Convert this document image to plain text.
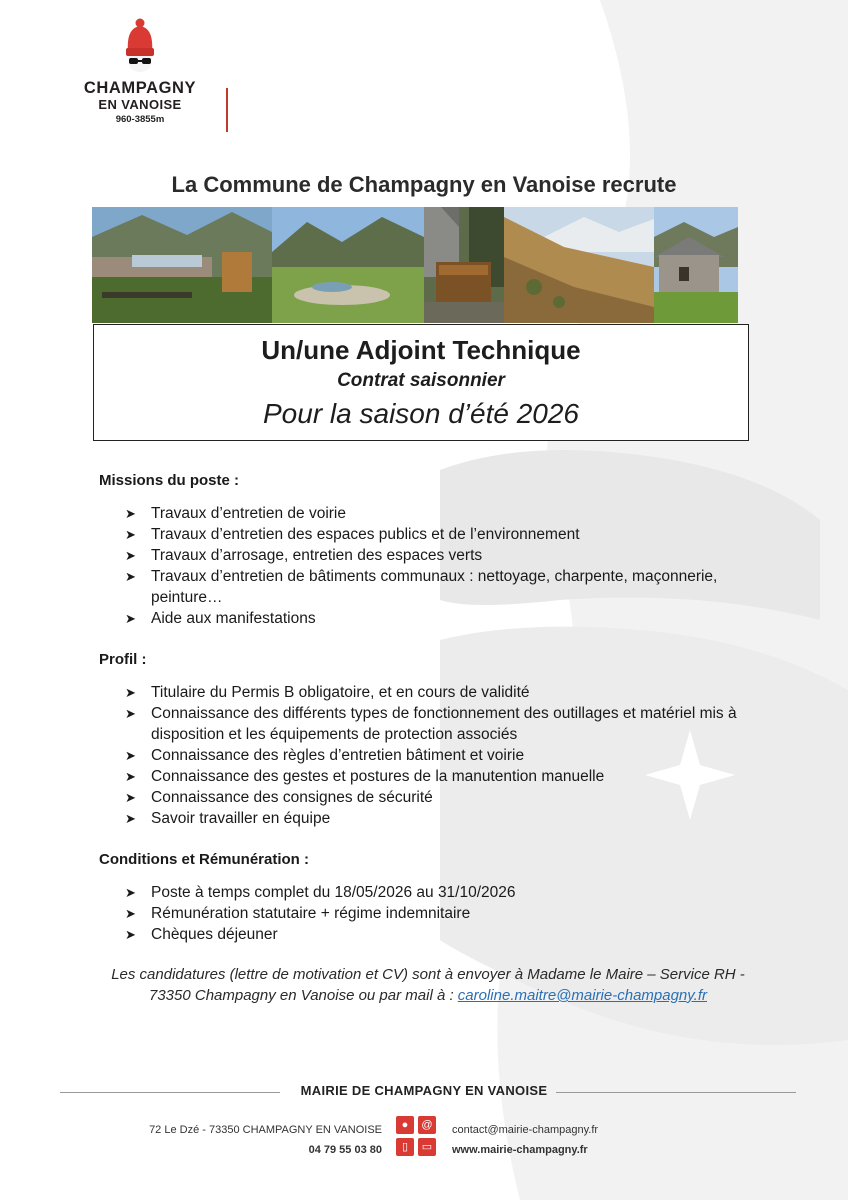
CHAMPAGNY
EN VANOISE
960-3855m
La Commune de Champagny en Vanoise recrute
Un/une Adjoint Technique
Contrat saisonnier
Pour la saison d’été 2026
Missions du poste :
➤ Travaux d’entretien de voirie
➤ Travaux d’entretien des espaces publics et de l’environnement
➤ Travaux d’arrosage, entretien des espaces verts
➤ Travaux d’entretien de bâtiments communaux : nettoyage, charpente, maçonnerie, peinture…
➤ Aide aux manifestations
Profil :
➤ Titulaire du Permis B obligatoire, et en cours de validité
➤ Connaissance des différents types de fonctionnement des outillages et matériel mis à disposition et les équipements de protection associés
➤ Connaissance des règles d’entretien bâtiment et voirie
➤ Connaissance des gestes et postures de la manutention manuelle
➤ Connaissance des consignes de sécurité
➤ Savoir travailler en équipe
Conditions et Rémunération :
➤ Poste à temps complet du 18/05/2026 au 31/10/2026
➤ Rémunération statutaire + régime indemnitaire
➤ Chèques déjeuner
Les candidatures (lettre de motivation et CV) sont à envoyer à Madame le Maire – Service RH - 73350 Champagny en Vanoise ou par mail à : caroline.maitre@mairie-champagny.fr
MAIRIE DE CHAMPAGNY EN VANOISE
72 Le Dzé - 73350 CHAMPAGNY EN VANOISE
04 79 55 03 80
●	@
▯	▭
contact@mairie-champagny.fr
www.mairie-champagny.fr
